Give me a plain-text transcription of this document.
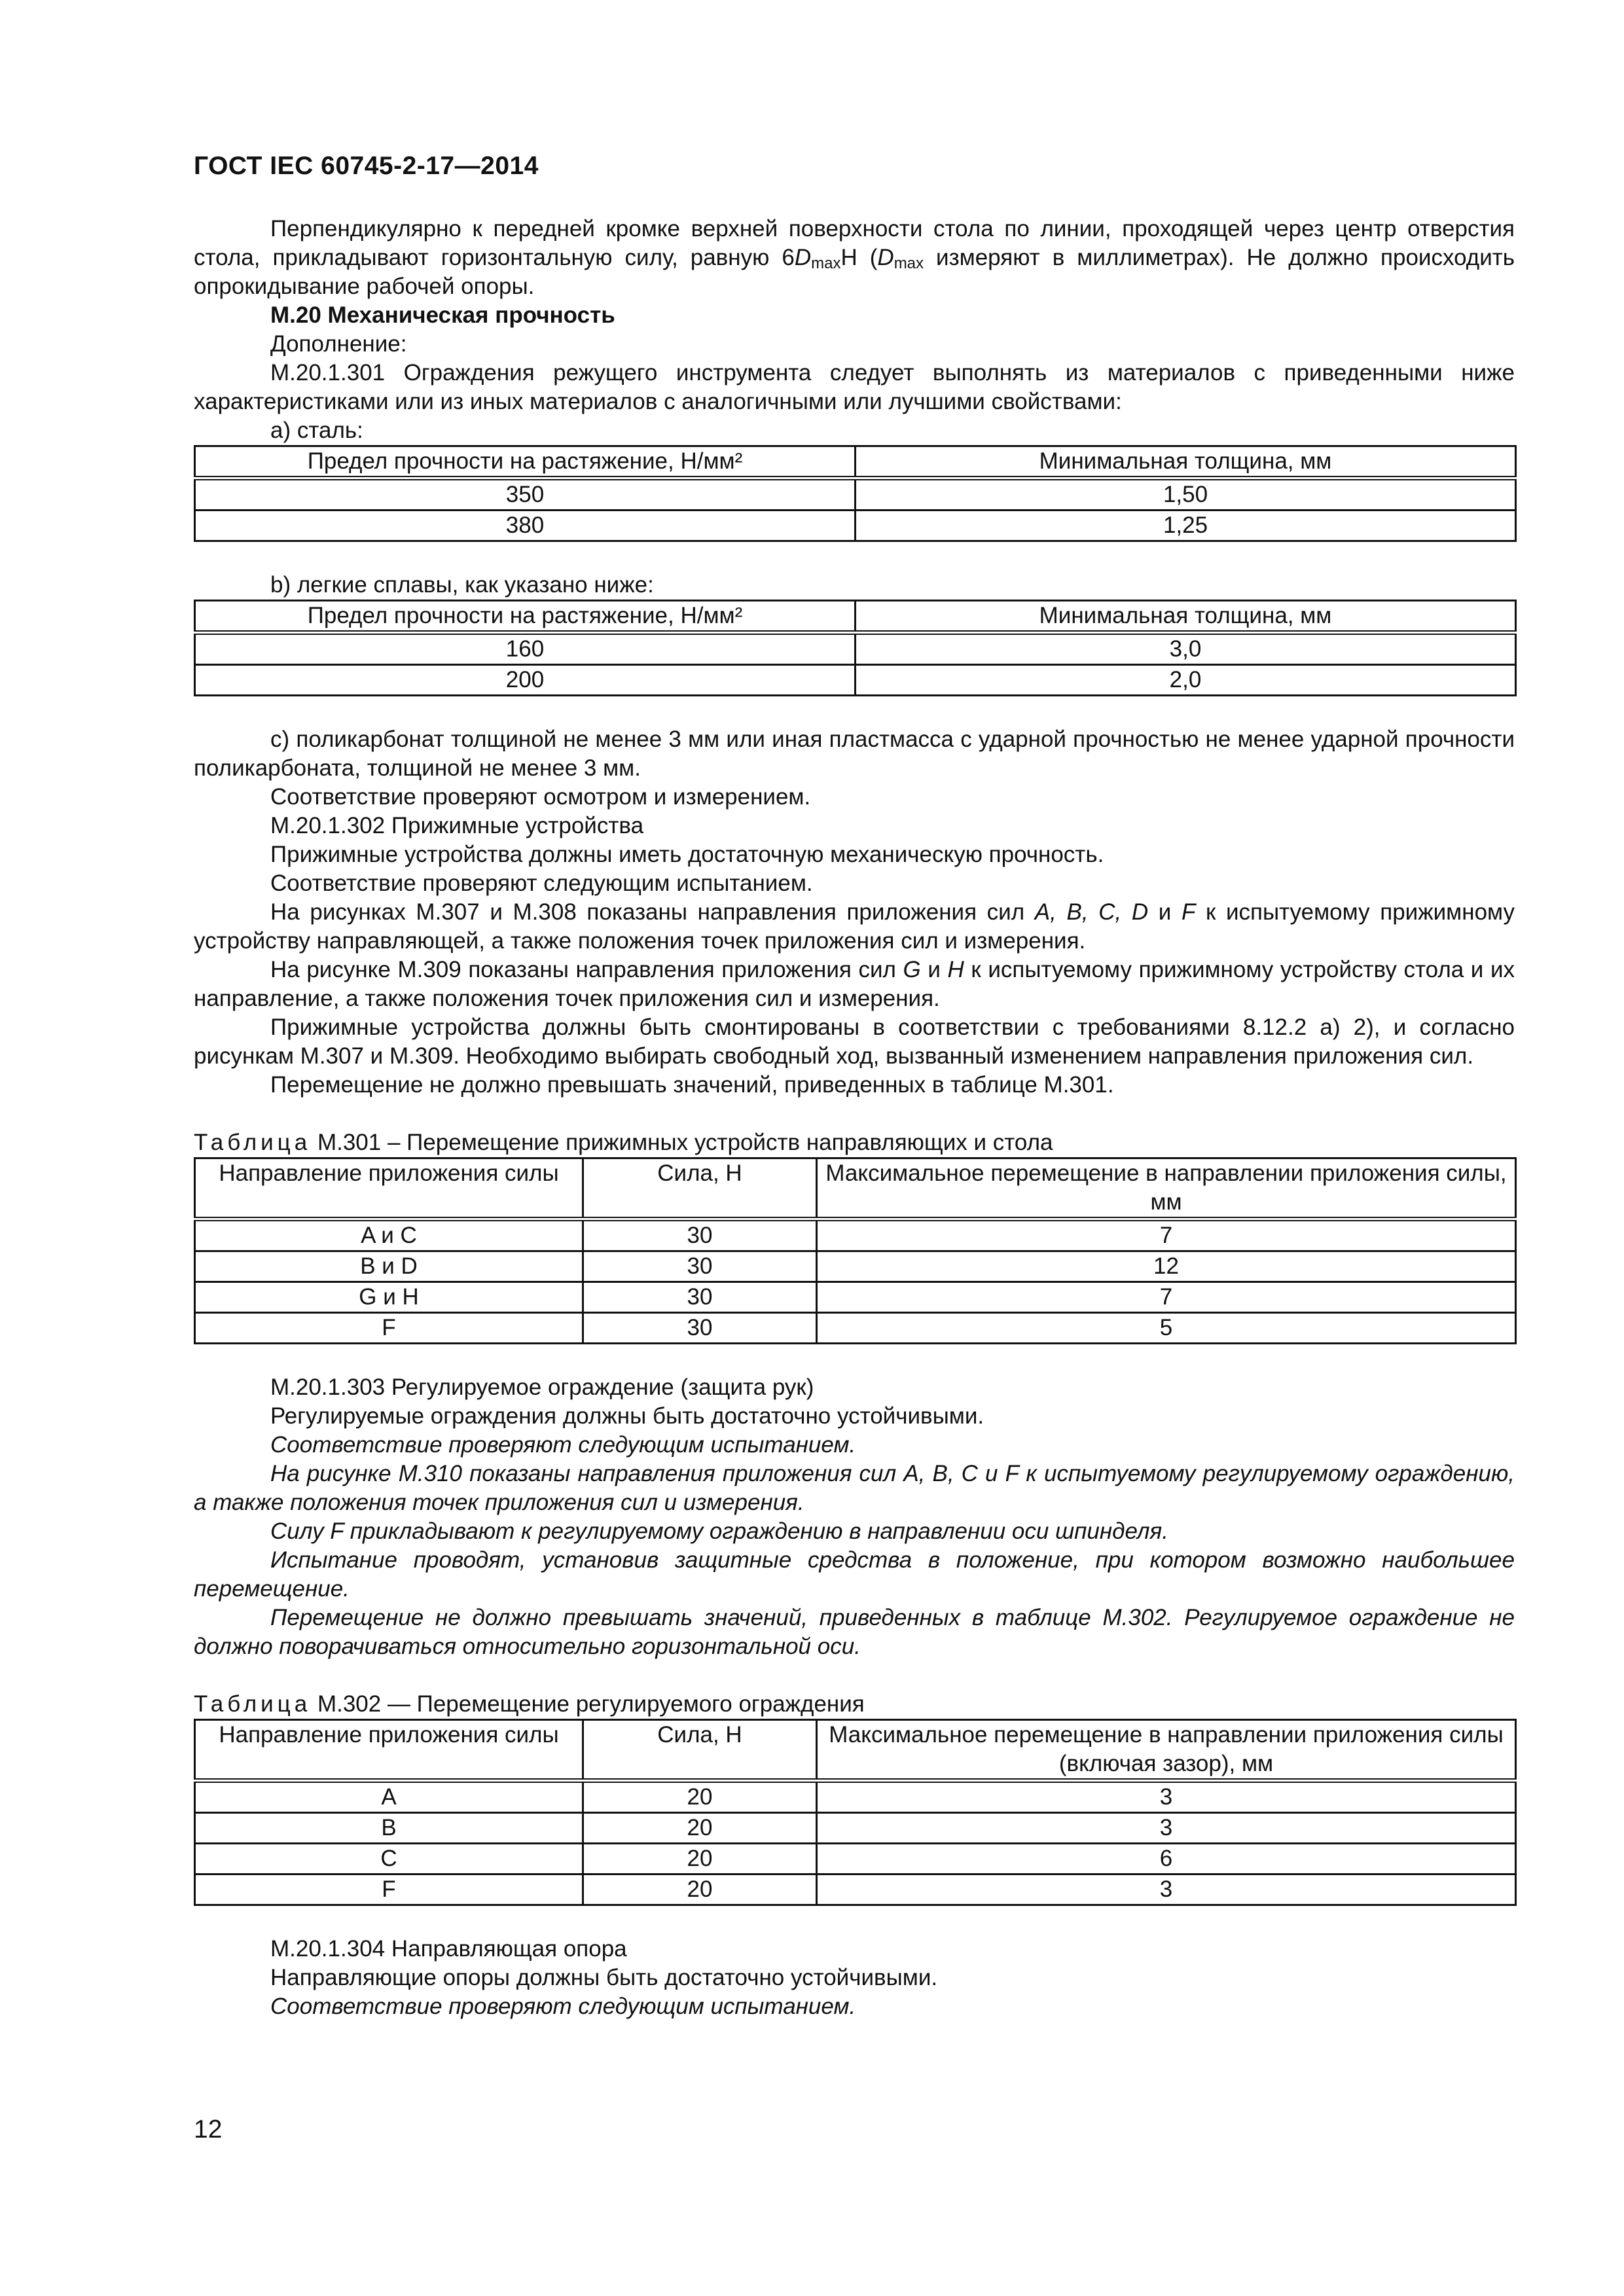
ГОСТ IEC 60745-2-17—2014

Перпендикулярно к передней кромке верхней поверхности стола по линии, проходящей через центр отверстия стола, прикладывают горизонтальную силу, равную $6D_{max}Н$ ($D_{max}$ измеряют в миллиметрах). Не должно происходить опрокидывание рабочей опоры.

М.20 Механическая прочность

Дополнение:

М.20.1.301 Ограждения режущего инструмента следует выполнять из материалов с приведенными ниже характеристиками или из иных материалов с аналогичными или лучшими свойствами:

а) сталь:

Предел прочности на растяжение, Н/мм²	Минимальная толщина, мм
350	1,50
380	1,25

b) легкие сплавы, как указано ниже:

Предел прочности на растяжение, Н/мм²	Минимальная толщина, мм
160	3,0
200	2,0

с) поликарбонат толщиной не менее 3 мм или иная пластмасса с ударной прочностью не менее ударной прочности поликарбоната, толщиной не менее 3 мм.

Соответствие проверяют осмотром и измерением.

М.20.1.302 Прижимные устройства

Прижимные устройства должны иметь достаточную механическую прочность.

Соответствие проверяют следующим испытанием.

На рисунках М.307 и М.308 показаны направления приложения сил A, B, C, D и F к испытуемому прижимному устройству направляющей, а также положения точек приложения сил и измерения.

На рисунке М.309 показаны направления приложения сил G и H к испытуемому прижимному устройству стола и их направление, а также положения точек приложения сил и измерения.

Прижимные устройства должны быть смонтированы в соответствии с требованиями 8.12.2 а) 2), и согласно рисункам М.307 и М.309. Необходимо выбирать свободный ход, вызванный изменением направления приложения сил.

Перемещение не должно превышать значений, приведенных в таблице М.301.

Таблица М.301 – Перемещение прижимных устройств направляющих и стола

Направление приложения силы	Сила, Н	Максимальное перемещение в направлении приложения силы, мм
A и C	30	7
B и D	30	12
G и H	30	7
F	30	5

М.20.1.303 Регулируемое ограждение (защита рук)

Регулируемые ограждения должны быть достаточно устойчивыми.

Соответствие проверяют следующим испытанием.

На рисунке М.310 показаны направления приложения сил А, В, С и F к испытуемому регулируемому ограждению, а также положения точек приложения сил и измерения.

Силу F прикладывают к регулируемому ограждению в направлении оси шпинделя.

Испытание проводят, установив защитные средства в положение, при котором возможно наибольшее перемещение.

Перемещение не должно превышать значений, приведенных в таблице М.302. Регулируемое ограждение не должно поворачиваться относительно горизонтальной оси.

Таблица М.302 — Перемещение регулируемого ограждения

Направление приложения силы	Сила, Н	Максимальное перемещение в направлении приложения силы (включая зазор), мм
A	20	3
B	20	3
C	20	6
F	20	3

М.20.1.304 Направляющая опора

Направляющие опоры должны быть достаточно устойчивыми.

Соответствие проверяют следующим испытанием.

12
